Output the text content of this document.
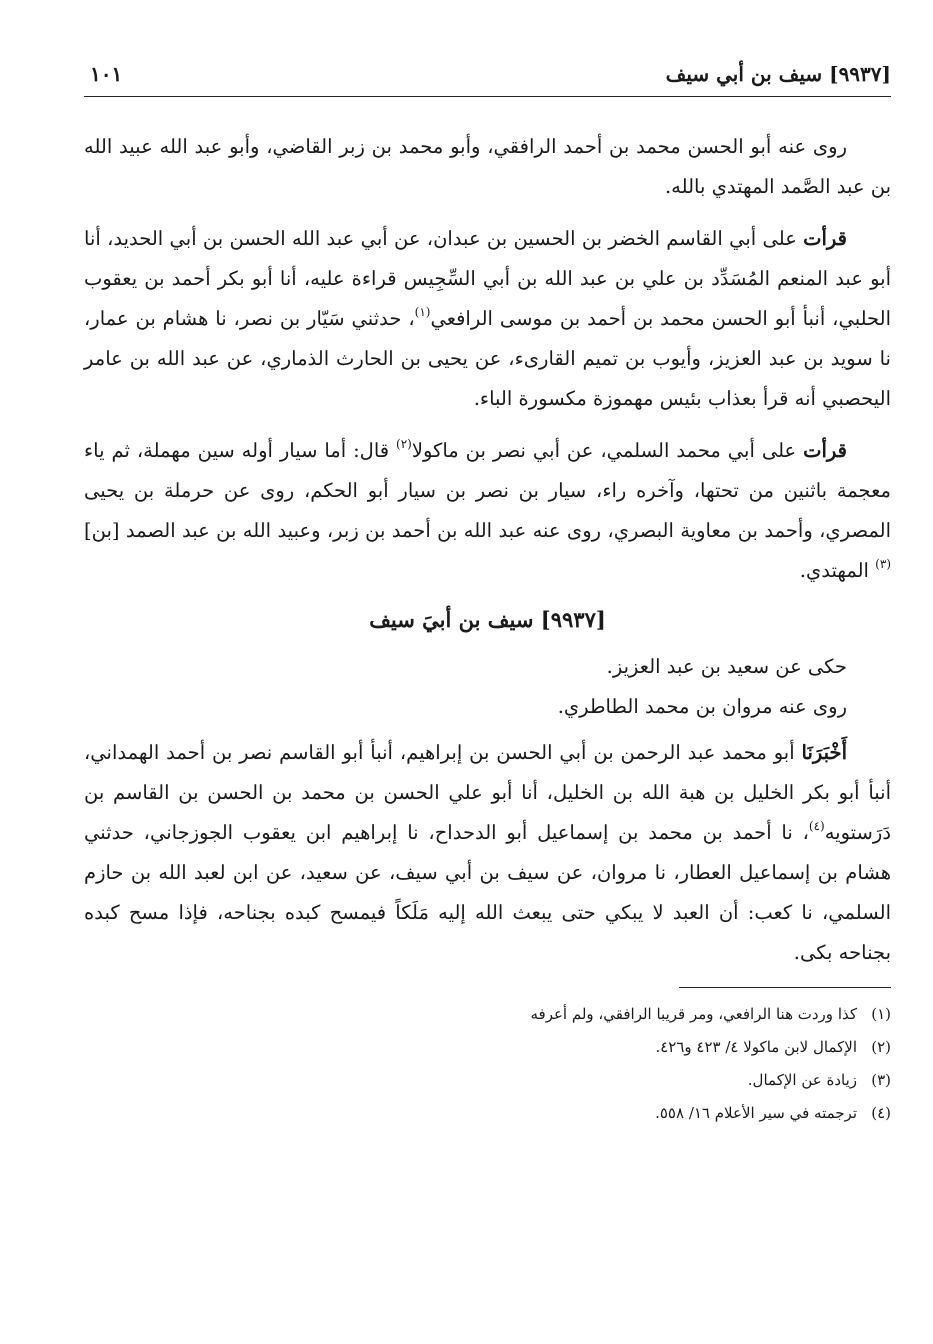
[٩٩٣٧] سيف بن أبي سيف
١٠١

روى عنه أبو الحسن محمد بن أحمد الرافقي، وأبو محمد بن زبر القاضي، وأبو عبد الله عبيد الله بن عبد الصَّمد المهتدي بالله.

قرأت على أبي القاسم الخضر بن الحسين بن عبدان، عن أبي عبد الله الحسن بن أبي الحديد، أنا أبو عبد المنعم المُسَدِّد بن علي بن عبد الله بن أبي السِّجِيس قراءة عليه، أنا أبو بكر أحمد بن يعقوب الحلبي، أنبأ أبو الحسن محمد بن أحمد بن موسى الرافعي$^{(١)}$، حدثني سَيّار بن نصر، نا هشام بن عمار، نا سويد بن عبد العزيز، وأيوب بن تميم القارىء، عن يحيى بن الحارث الذماري، عن عبد الله بن عامر اليحصبي أنه قرأ بعذاب بئيس مهموزة مكسورة الباء.

قرأت على أبي محمد السلمي، عن أبي نصر بن ماكولا$^{(٢)}$ قال: أما سيار أوله سين مهملة، ثم ياء معجمة باثنين من تحتها، وآخره راء، سيار بن نصر بن سيار أبو الحكم، روى عن حرملة بن يحيى المصري، وأحمد بن معاوية البصري، روى عنه عبد الله بن أحمد بن زبر، وعبيد الله بن عبد الصمد [بن]$^{(٣)}$ المهتدي.

[٩٩٣٧] سيف بن أبيَ سيف

حكى عن سعيد بن عبد العزيز.

روى عنه مروان بن محمد الطاطري.

أَخْبَرَنَا أبو محمد عبد الرحمن بن أبي الحسن بن إبراهيم، أنبأ أبو القاسم نصر بن أحمد الهمداني، أنبأ أبو بكر الخليل بن هبة الله بن الخليل، أنا أبو علي الحسن بن محمد بن الحسن بن القاسم بن دَرَستويه$^{(٤)}$، نا أحمد بن محمد بن إسماعيل أبو الدحداح، نا إبراهيم ابن يعقوب الجوزجاني، حدثني هشام بن إسماعيل العطار، نا مروان، عن سيف بن أبي سيف، عن سعيد، عن ابن لعبد الله بن حازم السلمي، نا كعب: أن العبد لا يبكي حتى يبعث الله إليه مَلَكاً فيمسح كبده بجناحه، فإذا مسح كبده بجناحه بكى.

(١)كذا وردت هنا الرافعي، ومر قريبا الرافقي، ولم أعرفه
(٢)الإكمال لابن ماكولا ٤/ ٤٢٣ و٤٢٦.
(٣)زيادة عن الإكمال.
(٤)ترجمته في سير الأعلام ١٦/ ٥٥٨.
